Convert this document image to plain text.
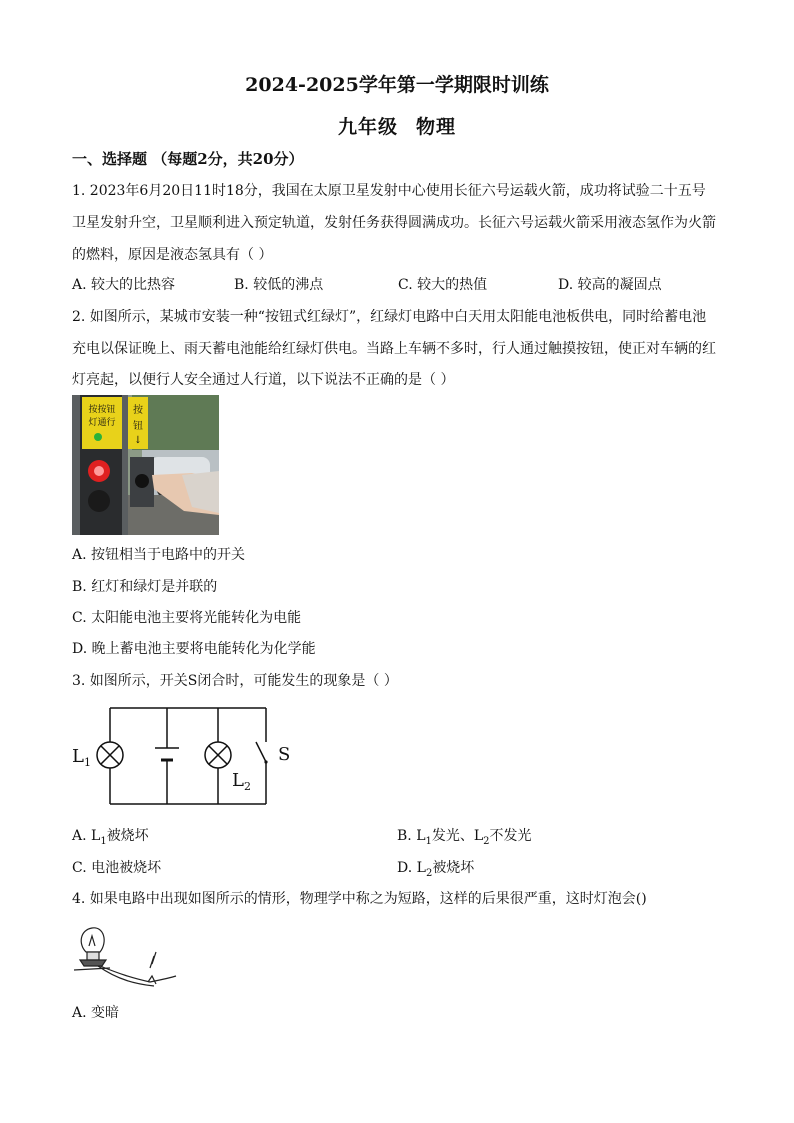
2024-2025学年第一学期限时训练
九年级 物理
一、选择题 （每题2分，共20分）
1. 2023年6月20日11时18分，我国在太原卫星发射中心使用长征六号运载火箭，成功将试验二十五号
卫星发射升空，卫星顺利进入预定轨道，发射任务获得圆满成功。长征六号运载火箭采用液态氢作为火箭
的燃料，原因是液态氢具有（ ）
A. 较大的比热容	B. 较低的沸点	C. 较大的热值	D. 较高的凝固点
2. 如图所示，某城市安装一种“按钮式红绿灯”，红绿灯电路中白天用太阳能电池板供电，同时给蓄电池
充电以保证晚上、雨天蓄电池能给红绿灯供电。当路上车辆不多时，行人通过触摸按钮，使正对车辆的红
灯亮起，以便行人安全通过人行道，以下说法不正确的是（ ）
按按钮
灯通行
按
钮
↓
A. 按钮相当于电路中的开关
B. 红灯和绿灯是并联的
C. 太阳能电池主要将光能转化为电能
D. 晚上蓄电池主要将电能转化为化学能
3. 如图所示，开关S闭合时，可能发生的现象是（ ）
$L_1$
$L_2$
S
A. $L_1$被烧坏	B. $L_1$发光、$L_2$不发光
C. 电池被烧坏	D. $L_2$被烧坏
4. 如果电路中出现如图所示的情形，物理学中称之为短路，这样的后果很严重，这时灯泡会()
A. 变暗
